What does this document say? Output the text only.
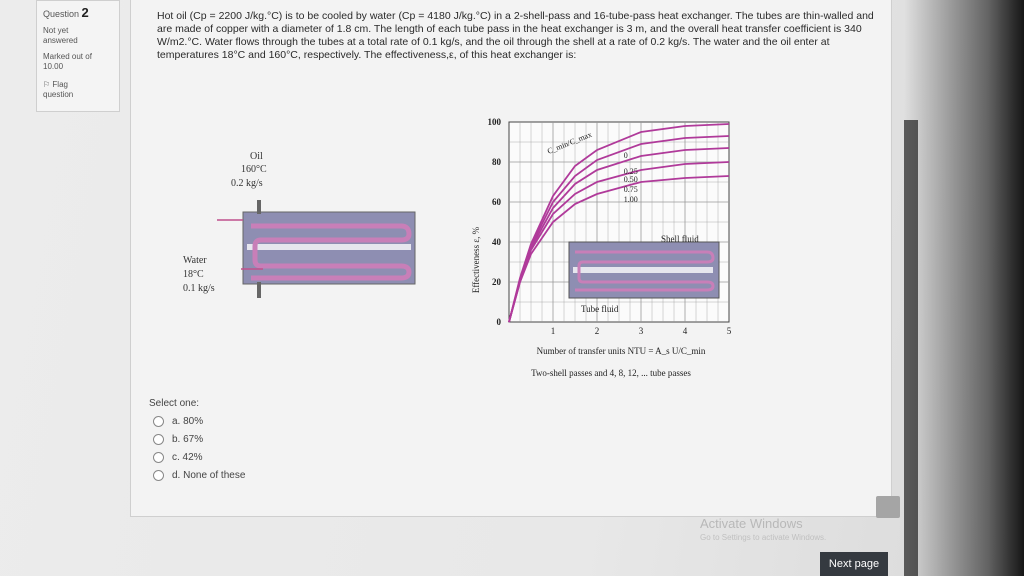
Question 2
Not yet
answered
Marked out of
10.00
⚐ Flag
question
Hot oil (Cp = 2200 J/kg.°C) is to be cooled by water (Cp = 4180 J/kg.°C) in a 2-shell-pass and 16-tube-pass heat exchanger. The tubes are thin-walled and are made of copper with a diameter of 1.8 cm. The length of each tube pass in the heat exchanger is 3 m, and the overall heat transfer coefficient is 340 W/m2.°C. Water flows through the tubes at a total rate of 0.1 kg/s, and the oil through the shell at a rate of 0.2 kg/s. The water and the oil enter at temperatures 18°C and 160°C, respectively. The effectiveness,ε, of this heat exchanger is:
Oil
160°C
0.2 kg/s
Water
18°C
0.1 kg/s
Shell fluid
Tube fluid
0
20
40
60
80
100
1	2	3	4	5
0
0.25
0.50
0.75
1.00
C_min/C_max
Effectiveness ε, %
Number of transfer units NTU = A_s U/C_min
Two-shell passes and 4, 8, 12, ... tube passes
Select one:
a. 80%
b. 67%
c. 42%
d. None of these
Activate Windows
Go to Settings to activate Windows.
Next page
